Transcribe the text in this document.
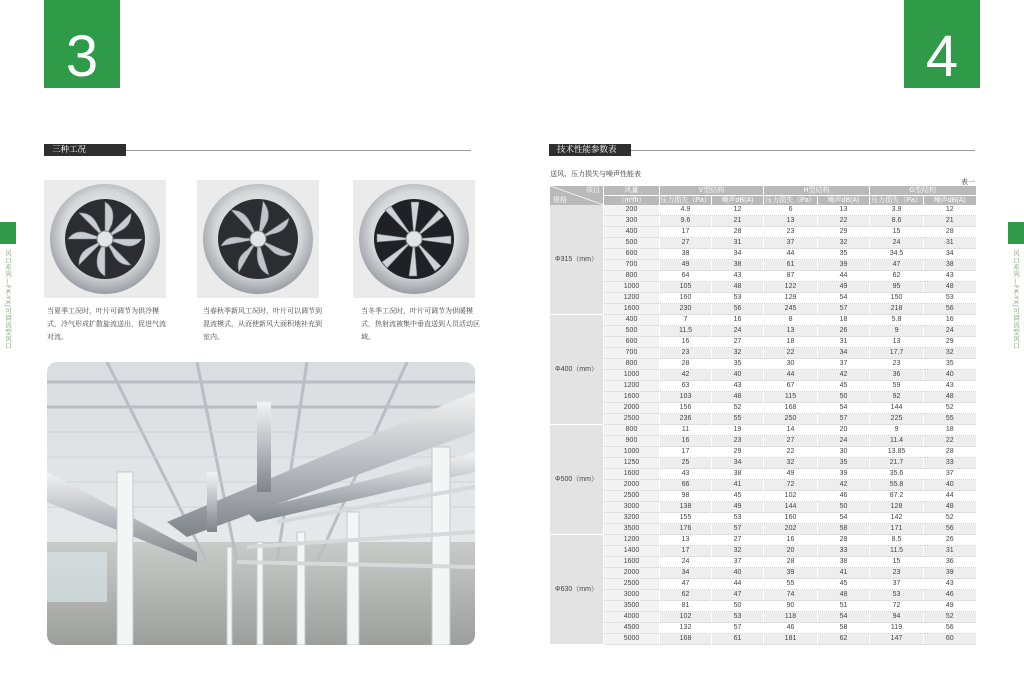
3
风口系列—FK-YXJ可调流型风口
三种工况
当夏季工况时，叶片可调节为供冷模式，冷气形成扩散旋流送出，促进气流对流。
当春秋季新风工况时，叶片可以调节到混流模式，从而使新风大面积地补充到室内。
当冬季工况时，叶片可调节为供暖模式，热射流被集中垂直送到人员活动区域。
4
风口系列—FK-YXJ可调流型风口
技术性能参数表
送风、压力损失与噪声性能表
表一
项目
规格	风量	V型结构		H型结构		G型结构	
	（m³/h）	压力损失（Pa）	噪声dB(A)	压力损失（Pa）	噪声dB(A)	压力损失（Pa）	噪声dB(A)
Φ315（mm）	200	4.9	12	6	13	3.9	12
	300	9.6	21	13	22	8.6	21
	400	17	28	23	29	15	28
	500	27	31	37	32	24	31
	600	38	34	44	35	34.5	34
	700	49	38	61	39	47	38
	800	64	43	87	44	62	43
	1000	105	48	122	49	95	48
	1200	160	53	129	54	150	53
	1600	230	56	245	57	218	56
Φ400（mm）	400	7	16	8	18	5.8	16
	500	11.5	24	13	26	9	24
	600	16	27	18	31	13	29
	700	23	32	22	34	17.7	32
	800	28	35	30	37	23	35
	1000	42	40	44	42	36	40
	1200	63	43	67	45	59	43
	1600	103	48	115	50	92	48
	2000	156	52	168	54	144	52
	2500	236	55	250	57	225	55
Φ500（mm）	800	11	19	14	20	9	18
	900	16	23	27	24	11.4	22
	1000	17	29	22	30	13.85	28
	1250	25	34	32	35	21.7	33
	1600	43	38	49	39	35.6	37
	2000	66	41	72	42	55.8	40
	2500	98	45	102	46	87.2	44
	3000	138	49	144	50	128	48
	3200	155	53	160	54	142	52
	3500	176	57	202	58	171	56
Φ630（mm）	1200	13	27	16	28	8.5	26
	1400	17	32	20	33	11.5	31
	1600	24	37	28	38	15	36
	2000	34	40	39	41	23	39
	2500	47	44	55	45	37	43
	3000	62	47	74	48	53	46
	3500	81	50	90	51	72	49
	4000	102	53	118	54	94	52
	4500	132	57	46	58	119	56
	5000	168	61	181	62	147	60
